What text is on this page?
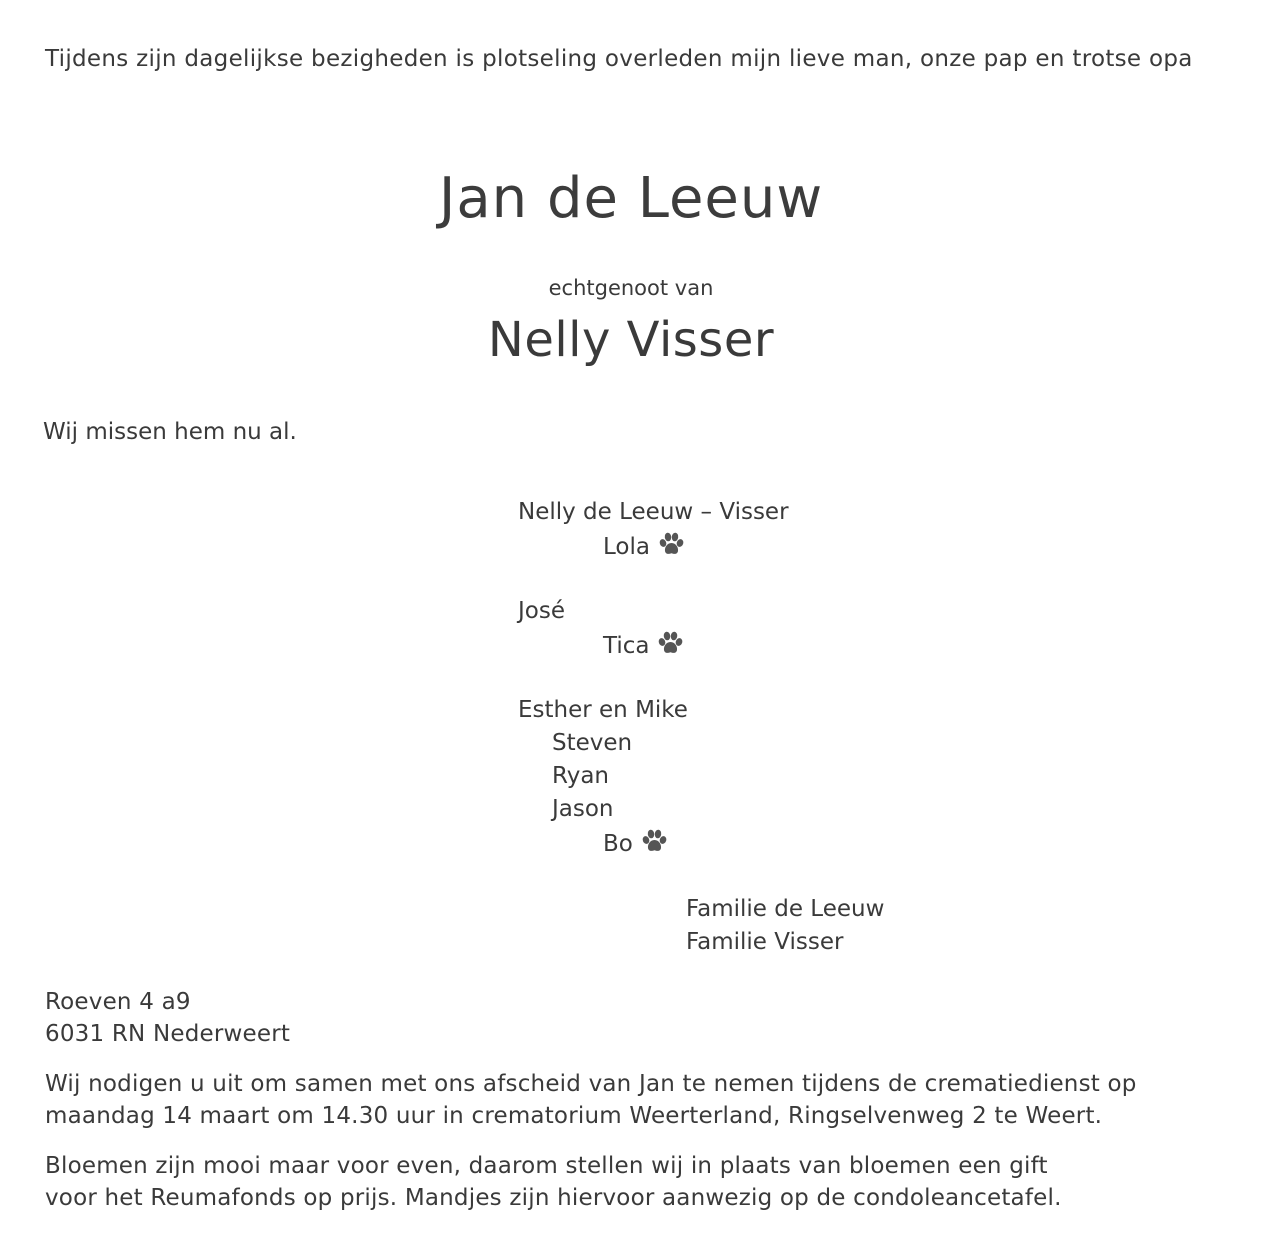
Tijdens zijn dagelijkse bezigheden is plotseling overleden mijn lieve man, onze pap en trotse opa
Jan de Leeuw
echtgenoot van
Nelly Visser
Wij missen hem nu al.
Nelly de Leeuw – Visser
Lola
José
Tica
Esther en Mike
Steven
Ryan
Jason
Bo
Familie de Leeuw
Familie Visser
Roeven 4 a9
6031 RN Nederweert
Wij nodigen u uit om samen met ons afscheid van Jan te nemen tijdens de crematiedienst op
maandag 14 maart om 14.30 uur in crematorium Weerterland, Ringselvenweg 2 te Weert.
Bloemen zijn mooi maar voor even, daarom stellen wij in plaats van bloemen een gift
voor het Reumafonds op prijs. Mandjes zijn hiervoor aanwezig op de condoleancetafel.
